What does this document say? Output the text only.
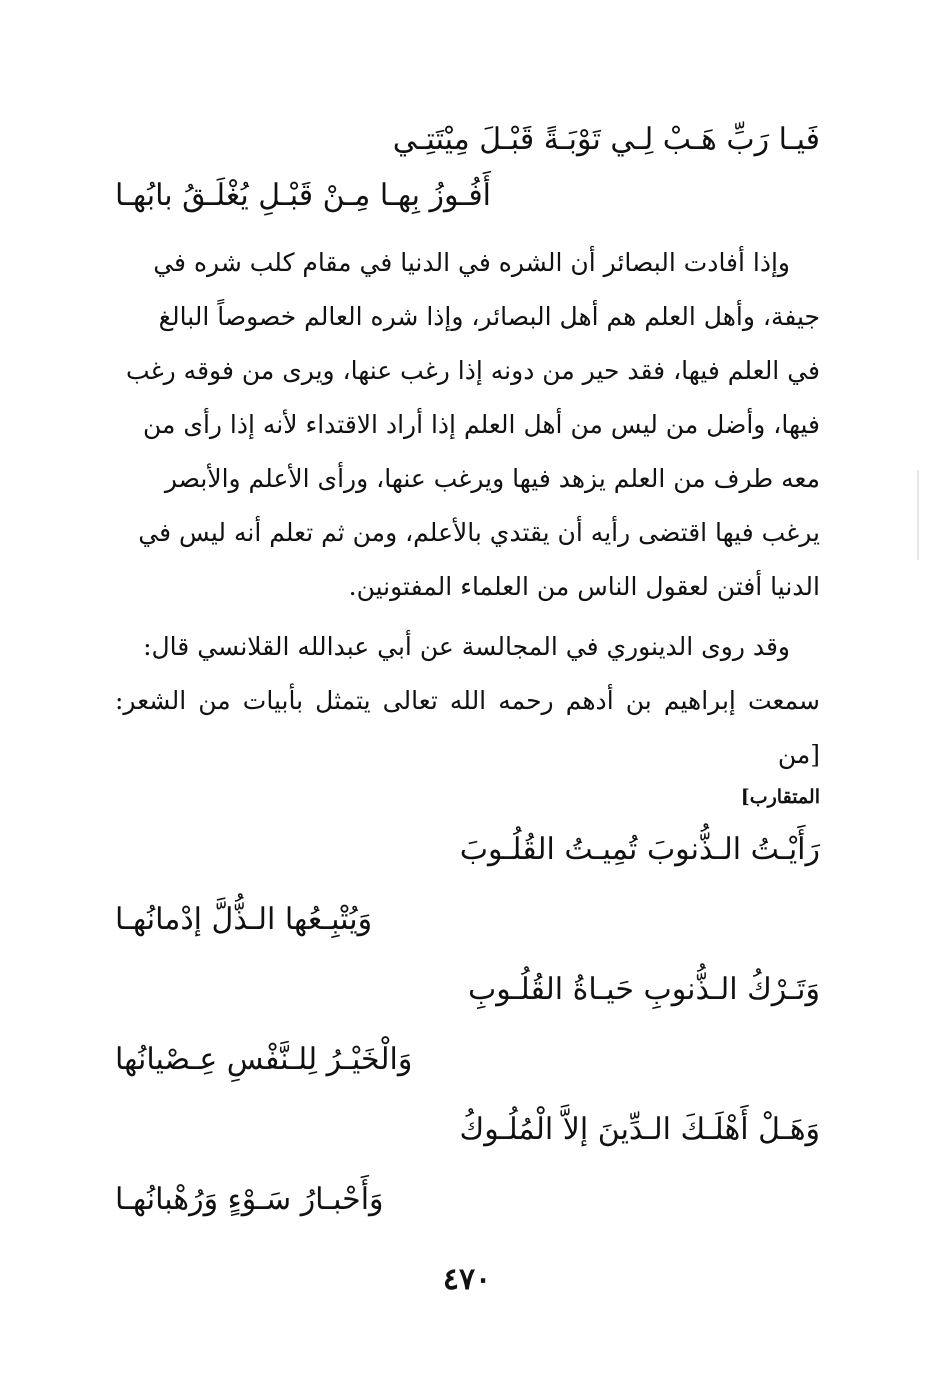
فَيـا رَبِّ هَـبْ لِـي تَوْبَـةً قَبْـلَ مِيْتَتِـي
أَفُـوزُ بِهـا مِـنْ قَبْـلِ يُغْلَـقُ بابُهـا

وإذا أفادت البصائر أن الشره في الدنيا في مقام كلب شره في

جيفة، وأهل العلم هم أهل البصائر، وإذا شره العالم خصوصاً البالغ

في العلم فيها، فقد حير من دونه إذا رغب عنها، ويرى من فوقه رغب

فيها، وأضل من ليس من أهل العلم إذا أراد الاقتداء لأنه إذا رأى من

معه طرف من العلم يزهد فيها ويرغب عنها، ورأى الأعلم والأبصر

يرغب فيها اقتضى رأيه أن يقتدي بالأعلم، ومن ثم تعلم أنه ليس في

الدنيا أفتن لعقول الناس من العلماء المفتونين.

وقد روى الدينوري في المجالسة عن أبي عبدالله القلانسي قال:

سمعت إبراهيم بن أدهم رحمه الله تعالى يتمثل بأبيات من الشعر: [من

المتقارب]
رَأَيْـتُ الـذُّنوبَ تُمِيـتُ القُلُـوبَ
وَيُتْبِـعُها الـذُّلَّ إدْمانُهـا
وَتَـرْكُ الـذُّنوبِ حَيـاةُ القُلُـوبِ
وَالْخَيْـرُ لِلـنَّفْسِ عِـصْيانُها
وَهَـلْ أَهْلَـكَ الـدِّينَ إلاَّ الْمُلُـوكُ
وَأَحْبـارُ سَـوْءٍ وَرُهْبانُهـا
٤٧٠
